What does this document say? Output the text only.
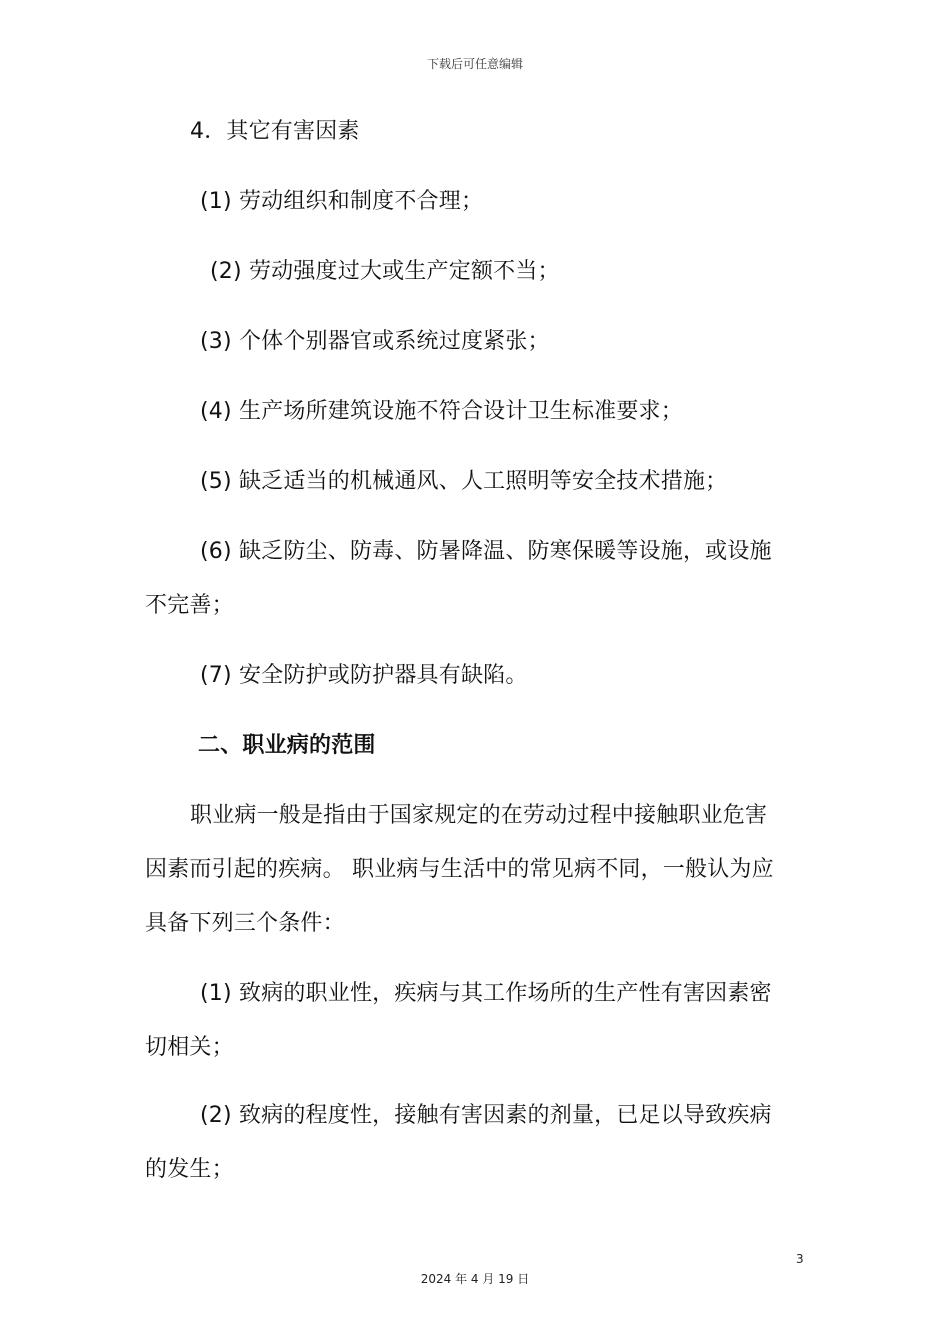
下载后可任意编辑
4．其它有害因素
(1) 劳动组织和制度不合理；
(2) 劳动强度过大或生产定额不当；
(3) 个体个别器官或系统过度紧张；
(4) 生产场所建筑设施不符合设计卫生标准要求；
(5) 缺乏适当的机械通风、人工照明等安全技术措施；
(6) 缺乏防尘、防毒、防暑降温、防寒保暖等设施，或设施
不完善；
(7) 安全防护或防护器具有缺陷。
二、职业病的范围
职业病一般是指由于国家规定的在劳动过程中接触职业危害
因素而引起的疾病。 职业病与生活中的常见病不同，一般认为应
具备下列三个条件：
(1) 致病的职业性，疾病与其工作场所的生产性有害因素密
切相关；
(2) 致病的程度性，接触有害因素的剂量，已足以导致疾病
的发生；
3
2024 年 4 月 19 日
